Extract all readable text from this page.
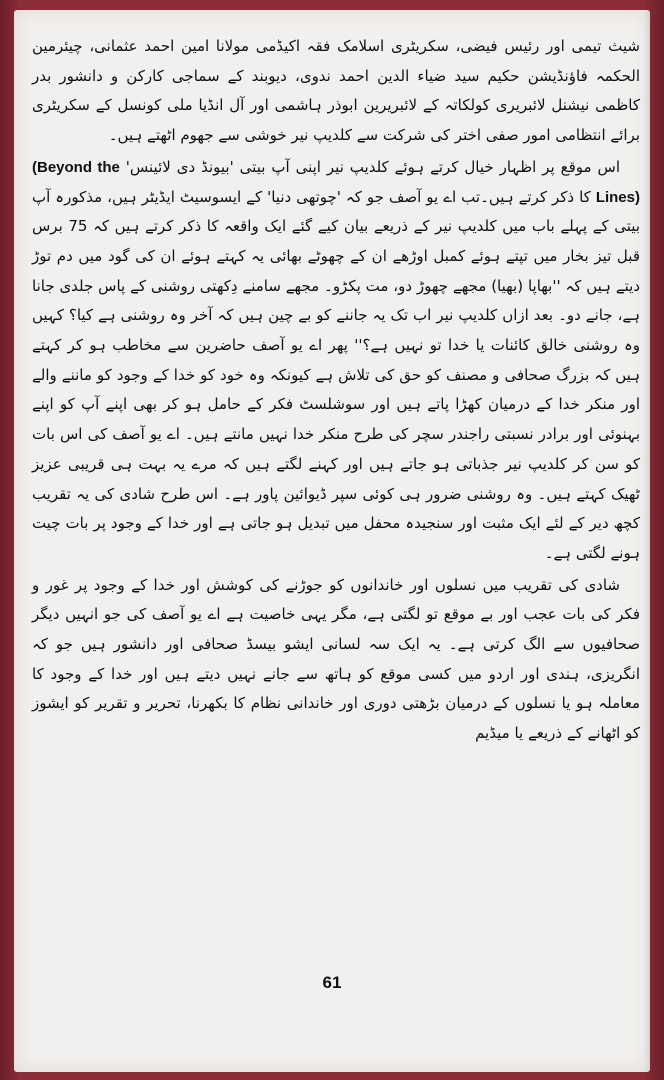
شیث تیمی اور رئیس فیضی، سکریٹری اسلامک فقہ اکیڈمی مولانا امین احمد عثمانی، چیئرمین الحکمہ فاؤنڈیشن حکیم سید ضیاء الدین احمد ندوی، دیوبند کے سماجی کارکن و دانشور بدر کاظمی نیشنل لائبریری کولکاتہ کے لائبریرین ابوذر ہاشمی اور آل انڈیا ملی کونسل کے سکریٹری برائے انتظامی امور صفی اختر کی شرکت سے کلدیپ نیر خوشی سے جھوم اٹھتے ہیں۔

اس موقع پر اظہار خیال کرتے ہوئے کلدیپ نیر اپنی آپ بیتی 'بیونڈ دی لائینس' (Beyond the Lines) کا ذکر کرتے ہیں۔تب اے یو آصف جو کہ 'چوتھی دنیا' کے ایسوسیٹ ایڈیٹر ہیں، مذکورہ آپ بیتی کے پہلے باب میں کلدیپ نیر کے ذریعے بیان کیے گئے ایک واقعہ کا ذکر کرتے ہیں کہ 75 برس قبل تیز بخار میں تپتے ہوئے کمبل اوڑھے ان کے چھوٹے بھائی یہ کہتے ہوئے ان کی گود میں دم توڑ دیتے ہیں کہ ''بھاپا (بھیا) مجھے چھوڑ دو، مت پکڑو۔ مجھے سامنے دِکھتی روشنی کے پاس جلدی جانا ہے، جانے دو۔ بعد ازاں کلدیپ نیر اب تک یہ جاننے کو بے چین ہیں کہ آخر وہ روشنی ہے کیا؟ کہیں وہ روشنی خالق کائنات یا خدا تو نہیں ہے؟'' پھر اے یو آصف حاضرین سے مخاطب ہو کر کہتے ہیں کہ بزرگ صحافی و مصنف کو حق کی تلاش ہے کیونکہ وہ خود کو خدا کے وجود کو ماننے والے اور منکر خدا کے درمیان کھڑا پاتے ہیں اور سوشلسٹ فکر کے حامل ہو کر بھی اپنے آپ کو اپنے بہنوئی اور برادر نسبتی راجندر سچر کی طرح منکر خدا نہیں مانتے ہیں۔ اے یو آصف کی اس بات کو سن کر کلدیپ نیر جذباتی ہو جاتے ہیں اور کہنے لگتے ہیں کہ مرے یہ بہت ہی قریبی عزیز ٹھیک کہتے ہیں۔ وہ روشنی ضرور ہی کوئی سپر ڈیوائین پاور ہے۔ اس طرح شادی کی یہ تقریب کچھ دیر کے لئے ایک مثبت اور سنجیدہ محفل میں تبدیل ہو جاتی ہے اور خدا کے وجود پر بات چیت ہونے لگتی ہے۔

شادی کی تقریب میں نسلوں اور خاندانوں کو جوڑنے کی کوشش اور خدا کے وجود پر غور و فکر کی بات عجب اور بے موقع تو لگتی ہے، مگر یہی خاصیت ہے اے یو آصف کی جو انہیں دیگر صحافیوں سے الگ کرتی ہے۔ یہ ایک سہ لسانی ایشو بیسڈ صحافی اور دانشور ہیں جو کہ انگریزی، ہندی اور اردو میں کسی موقع کو ہاتھ سے جانے نہیں دیتے ہیں اور خدا کے وجود کا معاملہ ہو یا نسلوں کے درمیان بڑھتی دوری اور خاندانی نظام کا بکھرنا، تحریر و تقریر کو ایشوز کو اٹھانے کے ذریعے یا میڈیم

61
